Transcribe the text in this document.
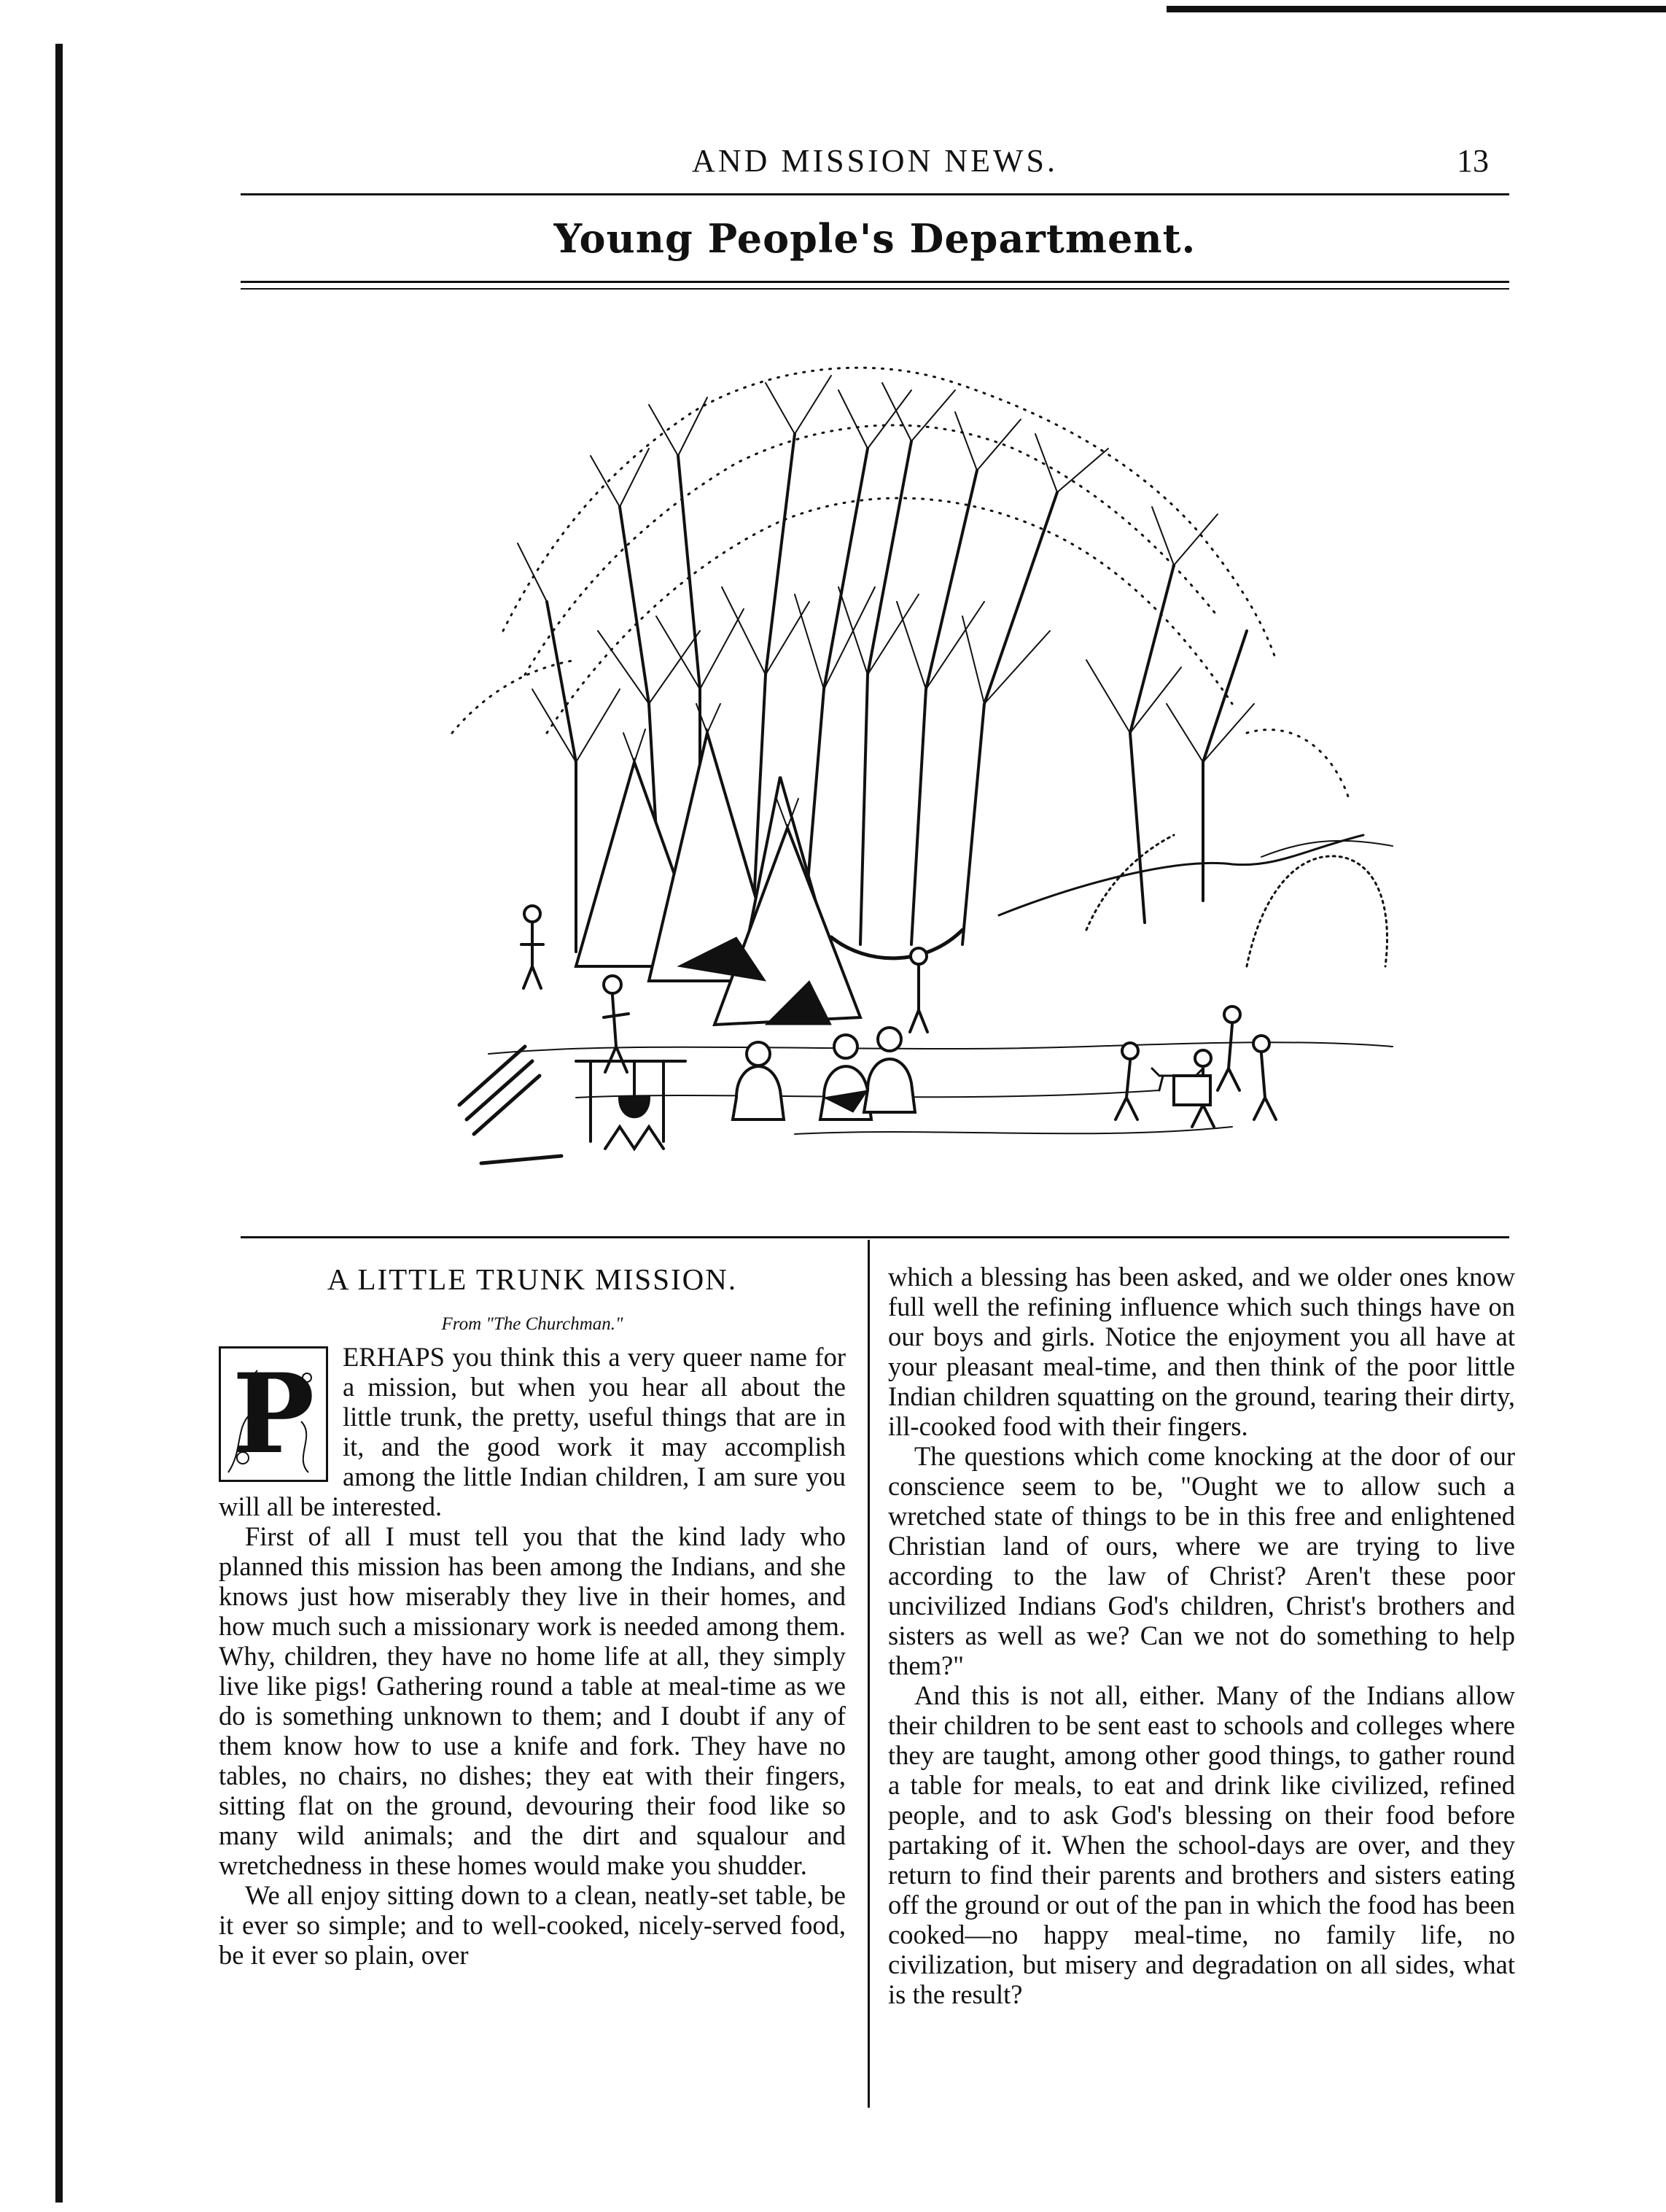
AND MISSION NEWS.	13
Young People's Department.
A LITTLE TRUNK MISSION.
From "The Churchman."
P	ERHAPS you think this a very queer name for a mission, but when you hear all about the little trunk, the pretty, useful things that are in it, and the good work it may accomplish among the little Indian children, I am sure you will all be interested.

First of all I must tell you that the kind lady who planned this mission has been among the Indians, and she knows just how miserably they live in their homes, and how much such a missionary work is needed among them. Why, children, they have no home life at all, they simply live like pigs! Gathering round a table at meal-time as we do is something unknown to them; and I doubt if any of them know how to use a knife and fork. They have no tables, no chairs, no dishes; they eat with their fingers, sitting flat on the ground, devouring their food like so many wild animals; and the dirt and squalour and wretchedness in these homes would make you shudder.

We all enjoy sitting down to a clean, neatly-set table, be it ever so simple; and to well-cooked, nicely-served food, be it ever so plain, over

which a blessing has been asked, and we older ones know full well the refining influence which such things have on our boys and girls. Notice the enjoyment you all have at your pleasant meal-time, and then think of the poor little Indian children squatting on the ground, tearing their dirty, ill-cooked food with their fingers.

The questions which come knocking at the door of our conscience seem to be, "Ought we to allow such a wretched state of things to be in this free and enlightened Christian land of ours, where we are trying to live according to the law of Christ? Aren't these poor uncivilized Indians God's children, Christ's brothers and sisters as well as we? Can we not do something to help them?"

And this is not all, either. Many of the Indians allow their children to be sent east to schools and colleges where they are taught, among other good things, to gather round a table for meals, to eat and drink like civilized, refined people, and to ask God's blessing on their food before partaking of it. When the school-days are over, and they return to find their parents and brothers and sisters eating off the ground or out of the pan in which the food has been cooked—no happy meal-time, no family life, no civilization, but misery and degradation on all sides, what is the result?
